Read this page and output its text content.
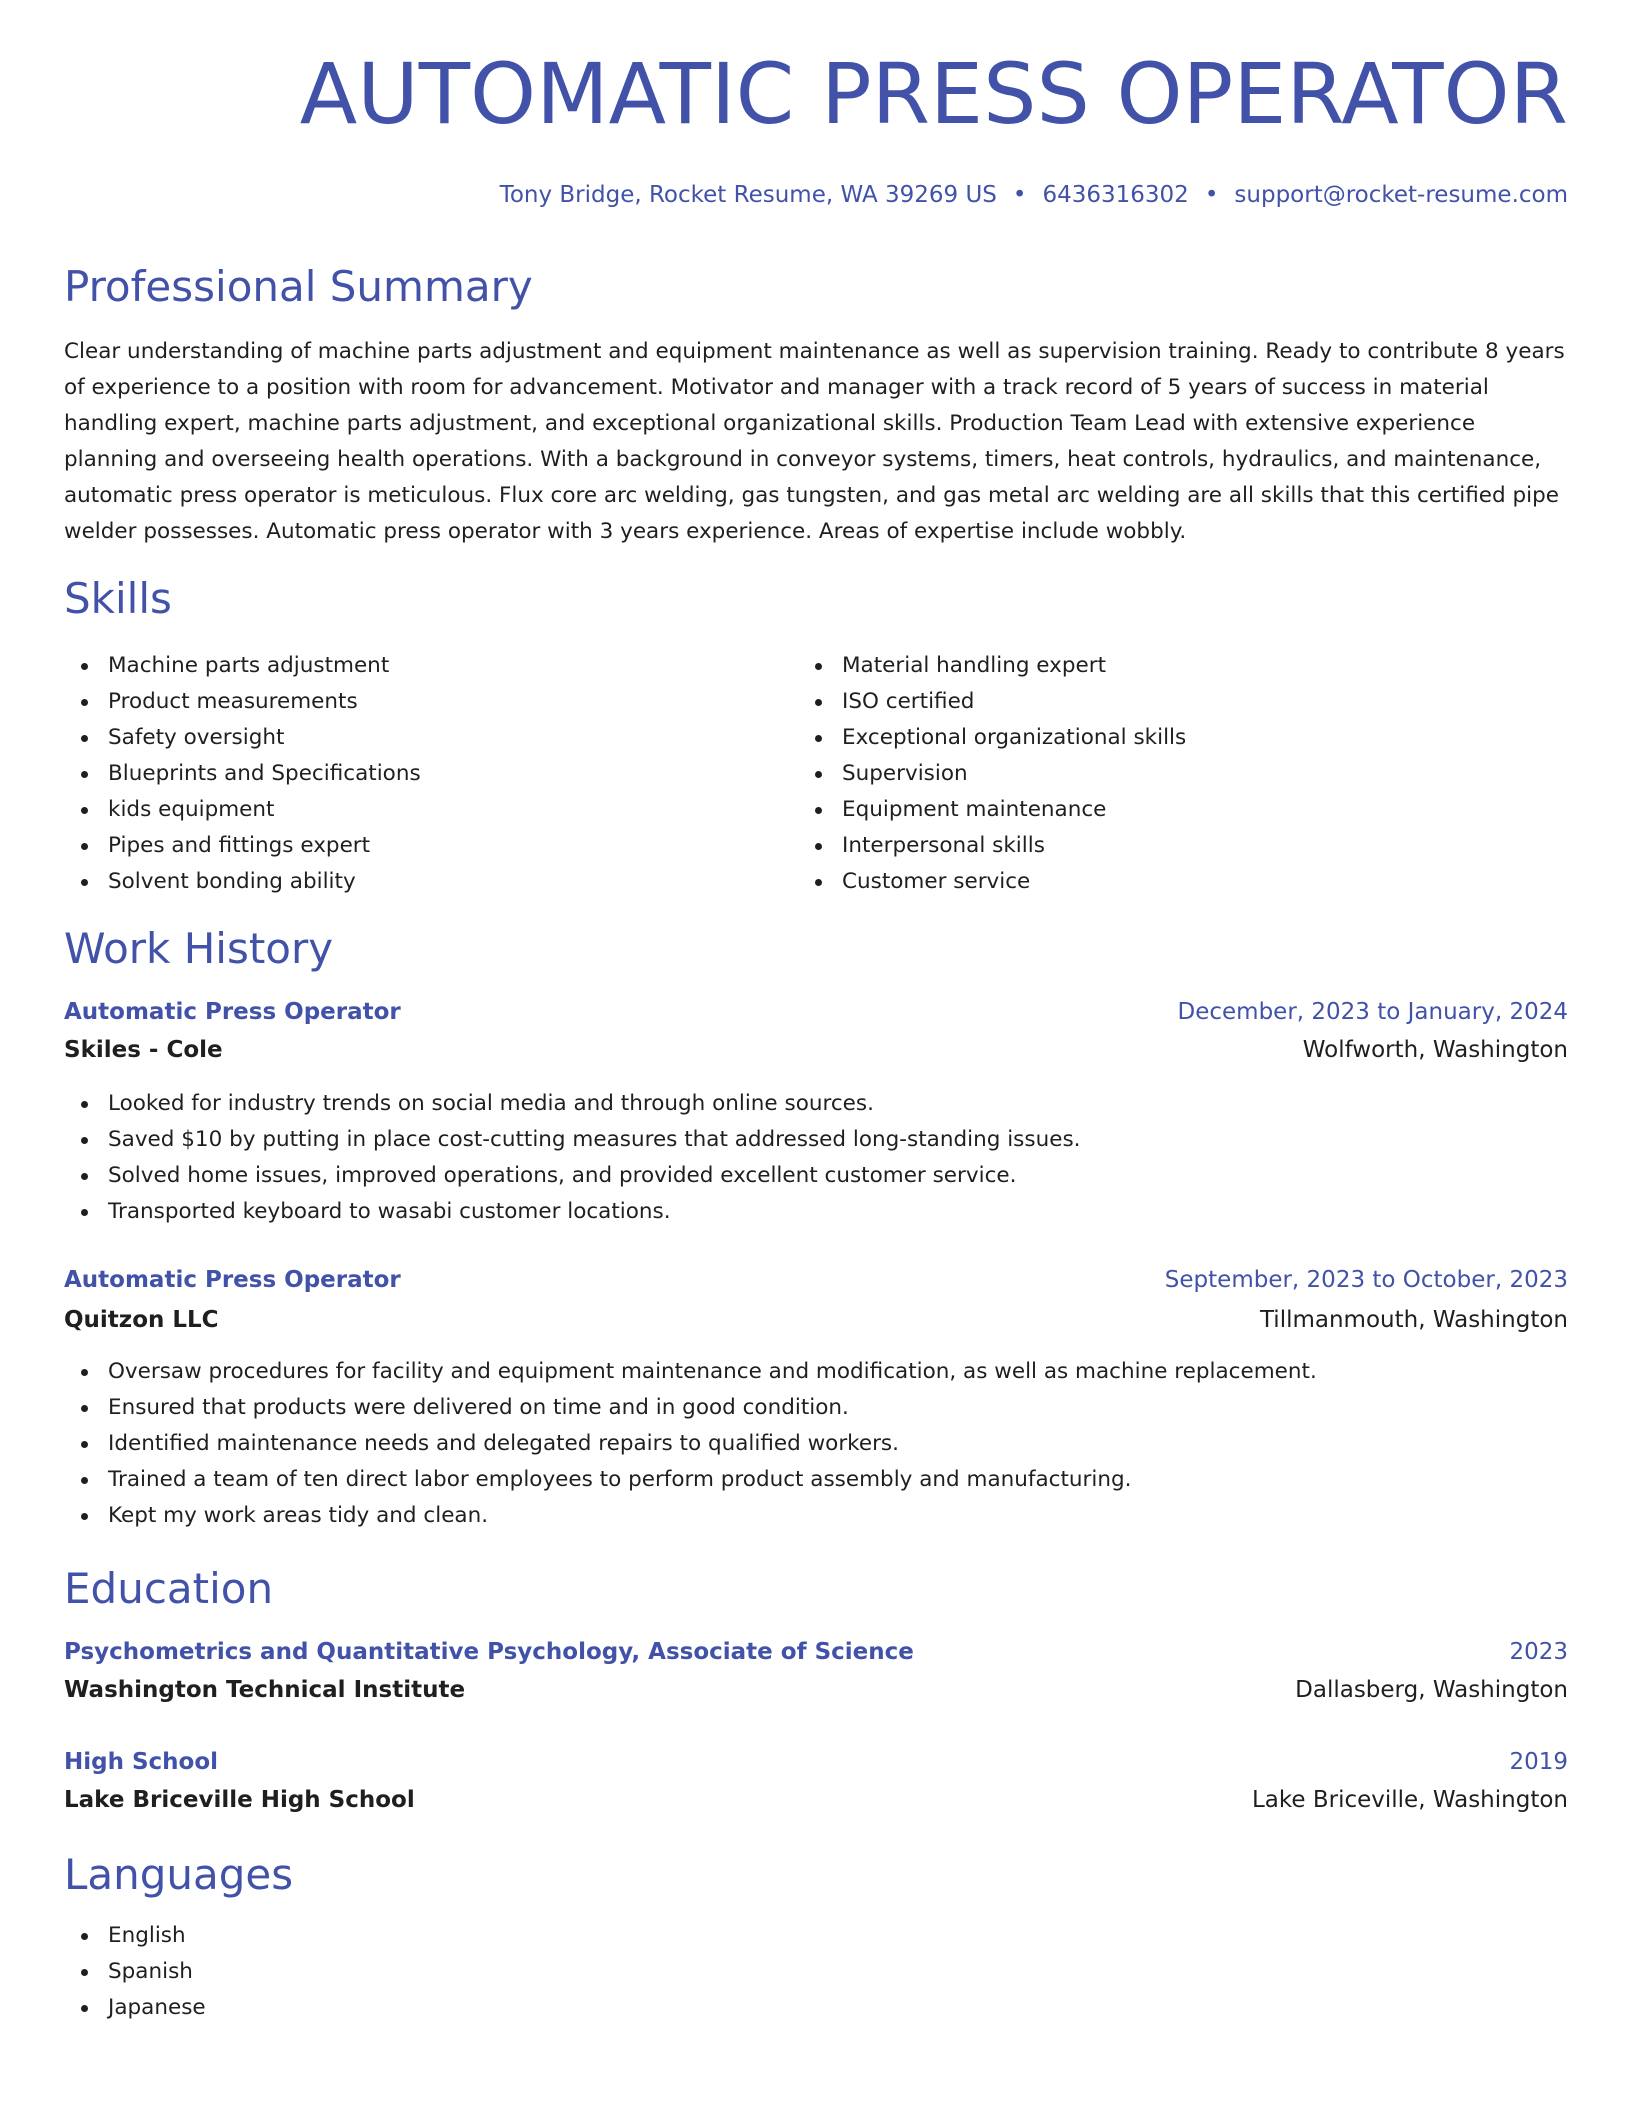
AUTOMATIC PRESS OPERATOR
Tony Bridge, Rocket Resume, WA 39269 US • 6436316302 • support@rocket-resume.com
Professional Summary
Clear understanding of machine parts adjustment and equipment maintenance as well as supervision training. Ready to contribute 8 years of experience to a position with room for advancement. Motivator and manager with a track record of 5 years of success in material handling expert, machine parts adjustment, and exceptional organizational skills. Production Team Lead with extensive experience planning and overseeing health operations. With a background in conveyor systems, timers, heat controls, hydraulics, and maintenance, automatic press operator is meticulous. Flux core arc welding, gas tungsten, and gas metal arc welding are all skills that this certified pipe welder possesses. Automatic press operator with 3 years experience. Areas of expertise include wobbly.
Skills
Machine parts adjustment
Product measurements
Safety oversight
Blueprints and Specifications
kids equipment
Pipes and fittings expert
Solvent bonding ability
Material handling expert
ISO certified
Exceptional organizational skills
Supervision
Equipment maintenance
Interpersonal skills
Customer service
Work History
Automatic Press Operator	December, 2023 to January, 2024
Skiles - Cole	Wolfworth, Washington
Looked for industry trends on social media and through online sources.
Saved $10 by putting in place cost-cutting measures that addressed long-standing issues.
Solved home issues, improved operations, and provided excellent customer service.
Transported keyboard to wasabi customer locations.
Automatic Press Operator	September, 2023 to October, 2023
Quitzon LLC	Tillmanmouth, Washington
Oversaw procedures for facility and equipment maintenance and modification, as well as machine replacement.
Ensured that products were delivered on time and in good condition.
Identified maintenance needs and delegated repairs to qualified workers.
Trained a team of ten direct labor employees to perform product assembly and manufacturing.
Kept my work areas tidy and clean.
Education
Psychometrics and Quantitative Psychology, Associate of Science	2023
Washington Technical Institute	Dallasberg, Washington
High School	2019
Lake Briceville High School	Lake Briceville, Washington
Languages
English
Spanish
Japanese
